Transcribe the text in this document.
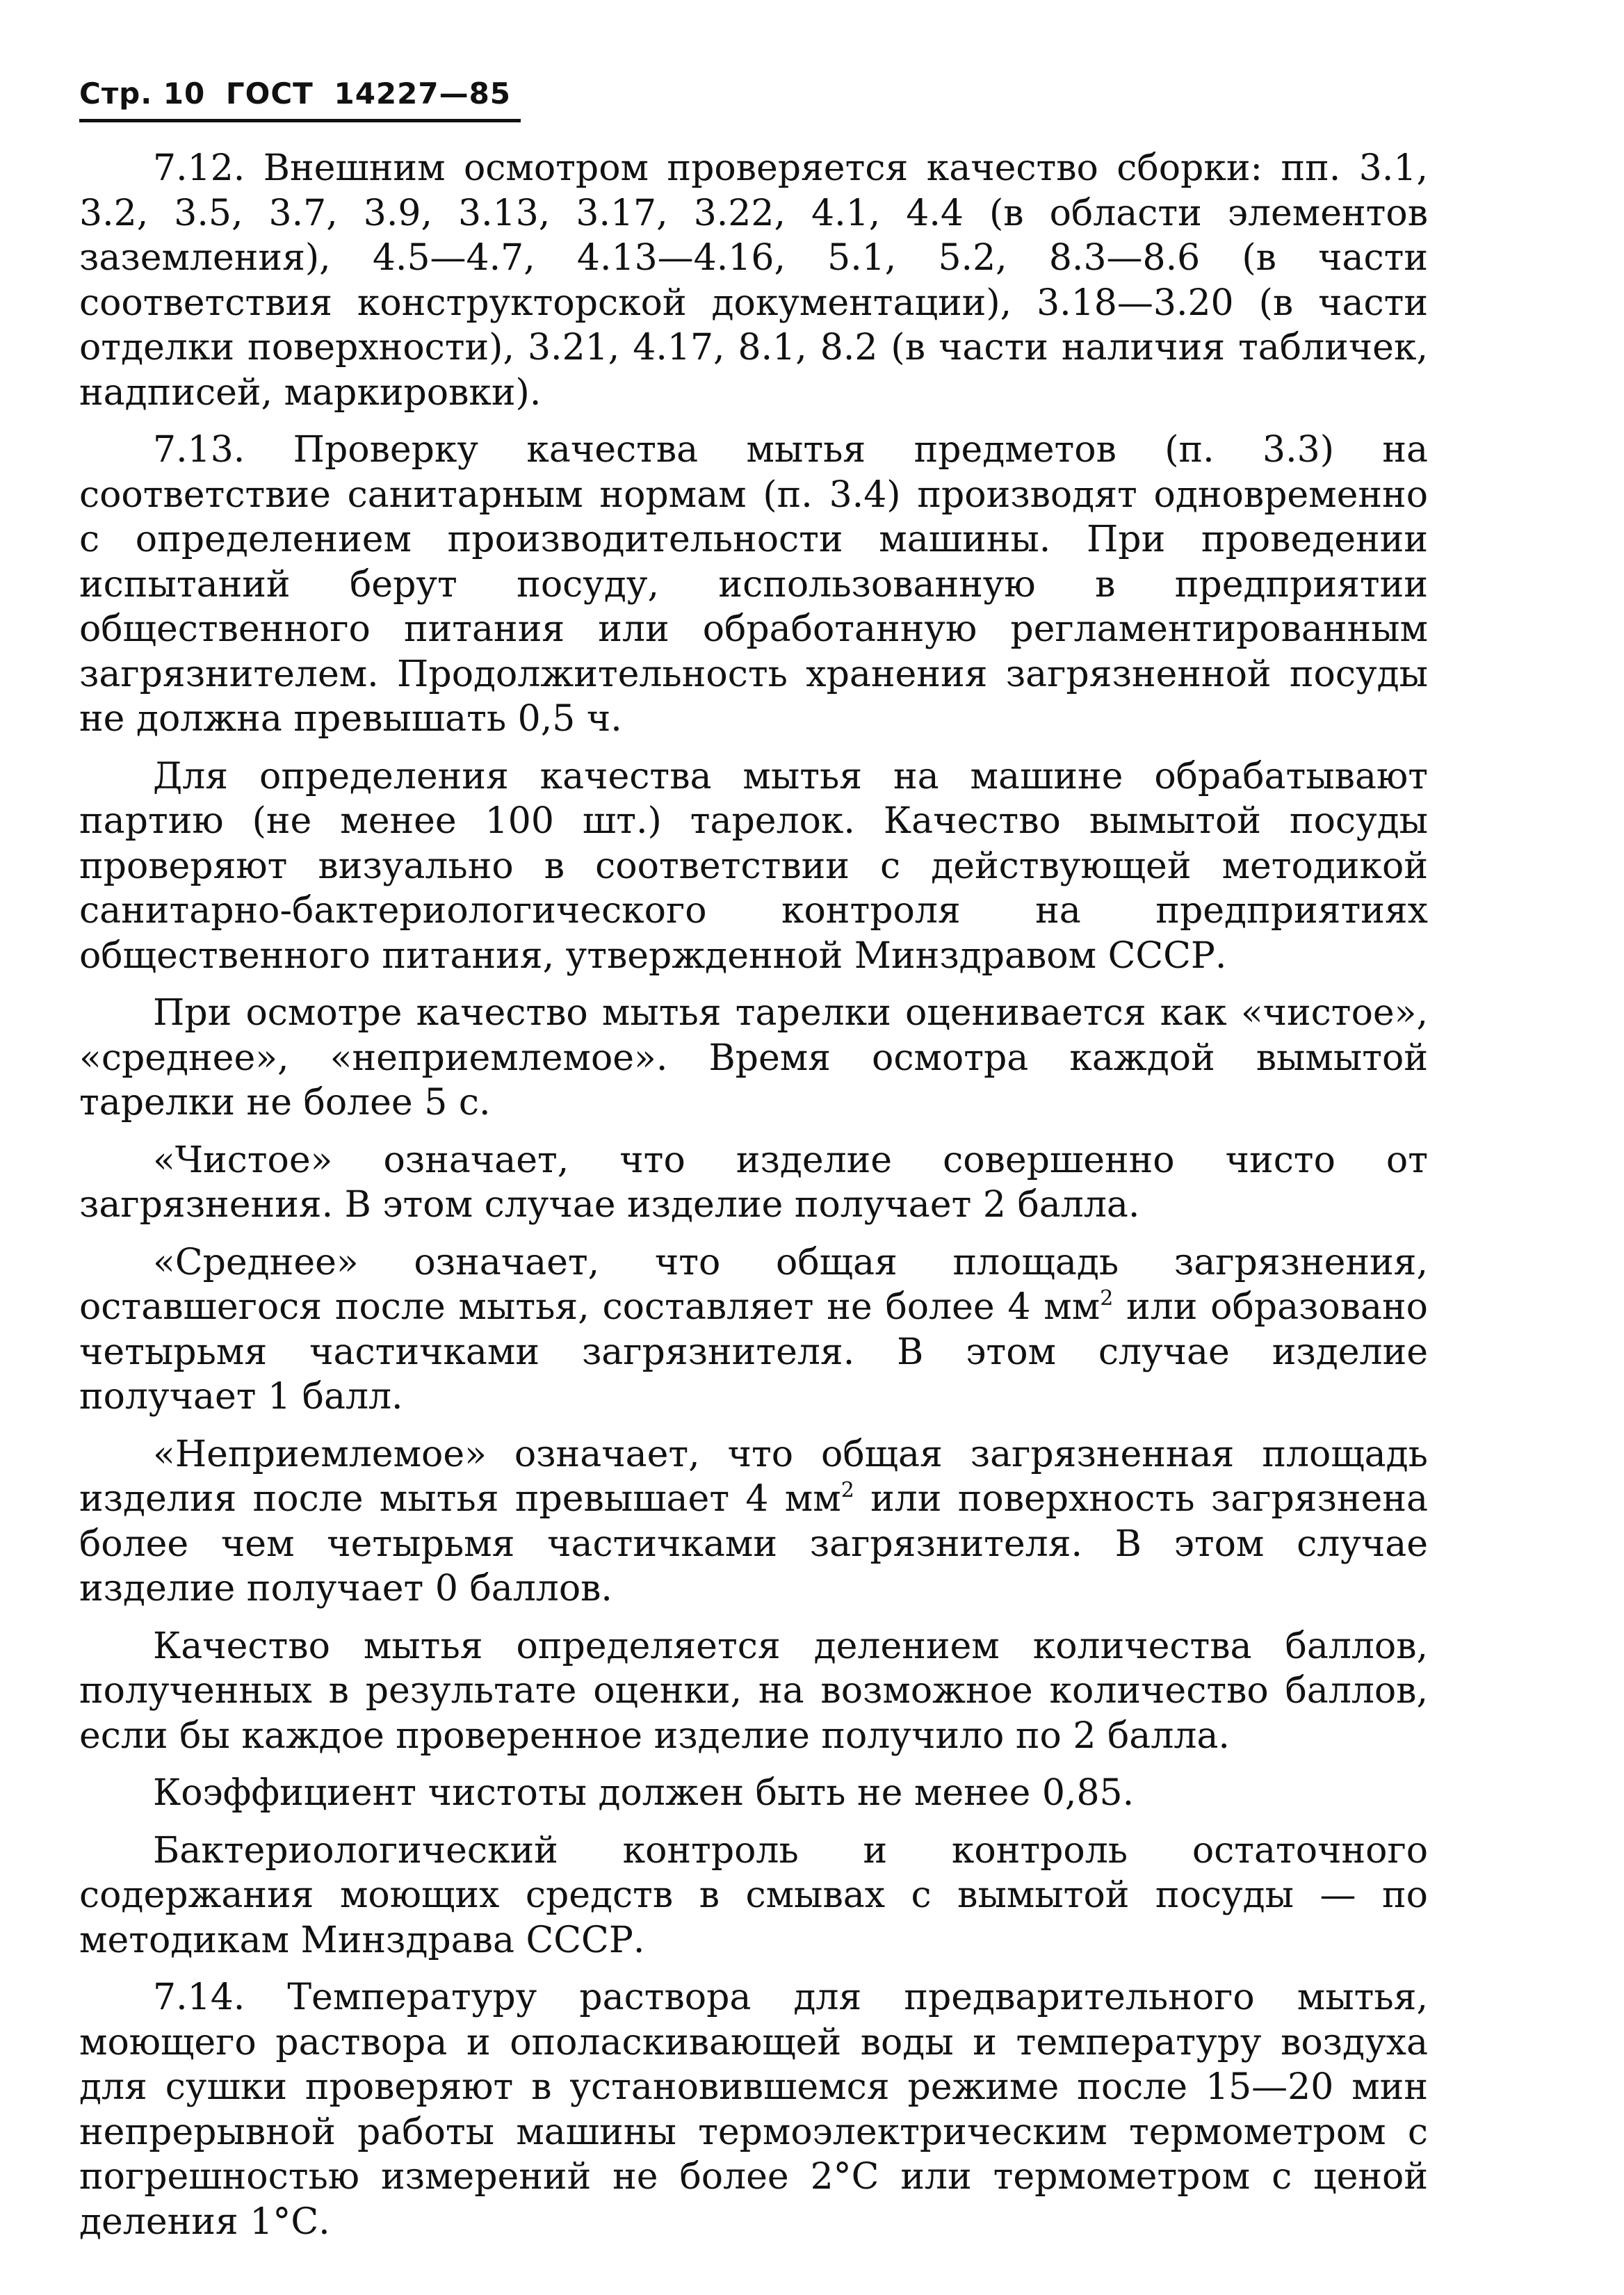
Стр. 10 ГОСТ 14227—85

7.12. Внешним осмотром проверяется качество сборки: пп. 3.1, 3.2, 3.5, 3.7, 3.9, 3.13, 3.17, 3.22, 4.1, 4.4 (в области элементов заземления), 4.5—4.7, 4.13—4.16, 5.1, 5.2, 8.3—8.6 (в части соответствия конструкторской документации), 3.18—3.20 (в части отделки поверхности), 3.21, 4.17, 8.1, 8.2 (в части наличия табличек, надписей, маркировки).

7.13. Проверку качества мытья предметов (п. 3.3) на соответствие санитарным нормам (п. 3.4) производят одновременно с определением производительности машины. При проведении испытаний берут посуду, использованную в предприятии общественного питания или обработанную регламентированным загрязнителем. Продолжительность хранения загрязненной посуды не должна превышать 0,5 ч.

Для определения качества мытья на машине обрабатывают партию (не менее 100 шт.) тарелок. Качество вымытой посуды проверяют визуально в соответствии с действующей методикой санитарно-бактериологического контроля на предприятиях общественного питания, утвержденной Минздравом СССР.

При осмотре качество мытья тарелки оценивается как «чистое», «среднее», «неприемлемое». Время осмотра каждой вымытой тарелки не более 5 с.

«Чистое» означает, что изделие совершенно чисто от загрязнения. В этом случае изделие получает 2 балла.

«Среднее» означает, что общая площадь загрязнения, оставшегося после мытья, составляет не более 4 $мм^2$ или образовано четырьмя частичками загрязнителя. В этом случае изделие получает 1 балл.

«Неприемлемое» означает, что общая загрязненная площадь изделия после мытья превышает 4 $мм^2$ или поверхность загрязнена более чем четырьмя частичками загрязнителя. В этом случае изделие получает 0 баллов.

Качество мытья определяется делением количества баллов, полученных в результате оценки, на возможное количество баллов, если бы каждое проверенное изделие получило по 2 балла.

Коэффициент чистоты должен быть не менее 0,85.

Бактериологический контроль и контроль остаточного содержания моющих средств в смывах с вымытой посуды — по методикам Минздрава СССР.

7.14. Температуру раствора для предварительного мытья, моющего раствора и ополаскивающей воды и температуру воздуха для сушки проверяют в установившемся режиме после 15—20 мин непрерывной работы машины термоэлектрическим термометром с погрешностью измерений не более 2°С или термометром с ценой деления 1°С.
